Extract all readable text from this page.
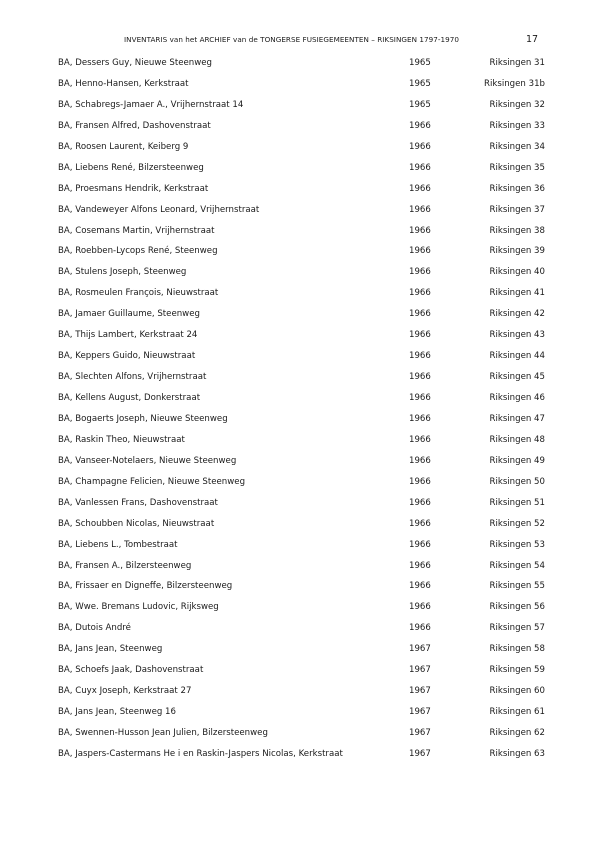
INVENTARIS van het ARCHIEF van de TONGERSE FUSIEGEMEENTEN – RIKSINGEN 1797-1970	17
BA, Dessers Guy, Nieuwe Steenweg	1965	Riksingen 31
BA, Henno-Hansen, Kerkstraat	1965	Riksingen 31b
BA, Schabregs-Jamaer A., Vrijhernstraat 14	1965	Riksingen 32
BA, Fransen Alfred, Dashovenstraat	1966	Riksingen 33
BA, Roosen Laurent, Keiberg 9	1966	Riksingen 34
BA, Liebens René, Bilzersteenweg	1966	Riksingen 35
BA, Proesmans Hendrik, Kerkstraat	1966	Riksingen 36
BA, Vandeweyer Alfons Leonard, Vrijhernstraat	1966	Riksingen 37
BA, Cosemans Martin, Vrijhernstraat	1966	Riksingen 38
BA, Roebben-Lycops René, Steenweg	1966	Riksingen 39
BA, Stulens Joseph, Steenweg	1966	Riksingen 40
BA, Rosmeulen François, Nieuwstraat	1966	Riksingen 41
BA, Jamaer Guillaume, Steenweg	1966	Riksingen 42
BA, Thijs Lambert, Kerkstraat 24	1966	Riksingen 43
BA, Keppers Guido, Nieuwstraat	1966	Riksingen 44
BA, Slechten Alfons, Vrijhernstraat	1966	Riksingen 45
BA, Kellens August, Donkerstraat	1966	Riksingen 46
BA, Bogaerts Joseph, Nieuwe Steenweg	1966	Riksingen 47
BA, Raskin Theo, Nieuwstraat	1966	Riksingen 48
BA, Vanseer-Notelaers, Nieuwe Steenweg	1966	Riksingen 49
BA, Champagne Felicien, Nieuwe Steenweg	1966	Riksingen 50
BA, Vanlessen Frans, Dashovenstraat	1966	Riksingen 51
BA, Schoubben Nicolas, Nieuwstraat	1966	Riksingen 52
BA, Liebens L., Tombestraat	1966	Riksingen 53
BA, Fransen A., Bilzersteenweg	1966	Riksingen 54
BA, Frissaer en Digneffe, Bilzersteenweg	1966	Riksingen 55
BA, Wwe. Bremans Ludovic, Rijksweg	1966	Riksingen 56
BA, Dutois André	1966	Riksingen 57
BA, Jans Jean, Steenweg	1967	Riksingen 58
BA, Schoefs Jaak, Dashovenstraat	1967	Riksingen 59
BA, Cuyx Joseph, Kerkstraat 27	1967	Riksingen 60
BA, Jans Jean, Steenweg 16	1967	Riksingen 61
BA, Swennen-Husson Jean Julien, Bilzersteenweg	1967	Riksingen 62
BA, Jaspers-Castermans He i en Raskin-Jaspers Nicolas, Kerkstraat	1967	Riksingen 63
